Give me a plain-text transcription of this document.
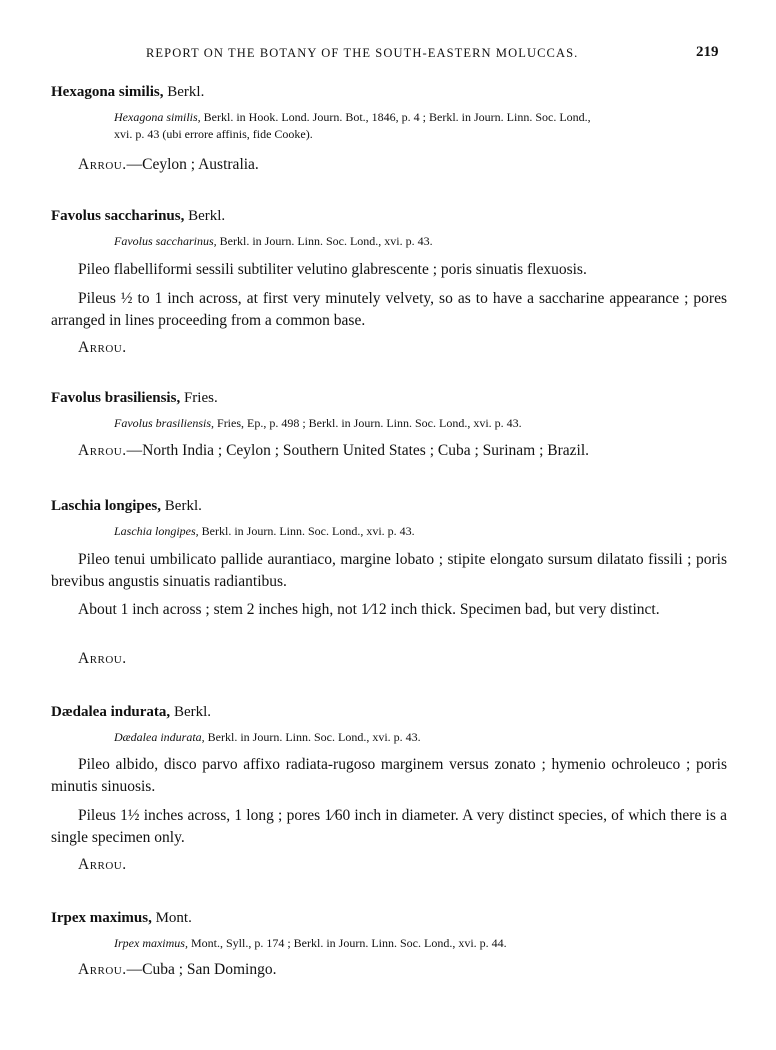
REPORT ON THE BOTANY OF THE SOUTH-EASTERN MOLUCCAS.	219
Hexagona similis, Berkl.
Hexagona similis, Berkl. in Hook. Lond. Journ. Bot., 1846, p. 4 ; Berkl. in Journ. Linn. Soc. Lond.,
xvi. p. 43 (ubi errore affinis, fide Cooke).
Arrou.—Ceylon ; Australia.
Favolus saccharinus, Berkl.
Favolus saccharinus, Berkl. in Journ. Linn. Soc. Lond., xvi. p. 43.
Pileo flabelliformi sessili subtiliter velutino glabrescente ; poris sinuatis flexuosis.
Pileus ½ to 1 inch across, at first very minutely velvety, so as to have a saccharine appearance ; pores arranged in lines proceeding from a common base.
Arrou.
Favolus brasiliensis, Fries.
Favolus brasiliensis, Fries, Ep., p. 498 ; Berkl. in Journ. Linn. Soc. Lond., xvi. p. 43.
Arrou.—North India ; Ceylon ; Southern United States ; Cuba ; Surinam ; Brazil.
Laschia longipes, Berkl.
Laschia longipes, Berkl. in Journ. Linn. Soc. Lond., xvi. p. 43.
Pileo tenui umbilicato pallide aurantiaco, margine lobato ; stipite elongato sursum dilatato fissili ; poris brevibus angustis sinuatis radiantibus.
About 1 inch across ; stem 2 inches high, not 1⁄12 inch thick. Specimen bad, but very distinct.
Arrou.
Dædalea indurata, Berkl.
Dædalea indurata, Berkl. in Journ. Linn. Soc. Lond., xvi. p. 43.
Pileo albido, disco parvo affixo radiata-rugoso marginem versus zonato ; hymenio ochroleuco ; poris minutis sinuosis.
Pileus 1½ inches across, 1 long ; pores 1⁄60 inch in diameter. A very distinct species, of which there is a single specimen only.
Arrou.
Irpex maximus, Mont.
Irpex maximus, Mont., Syll., p. 174 ; Berkl. in Journ. Linn. Soc. Lond., xvi. p. 44.
Arrou.—Cuba ; San Domingo.
